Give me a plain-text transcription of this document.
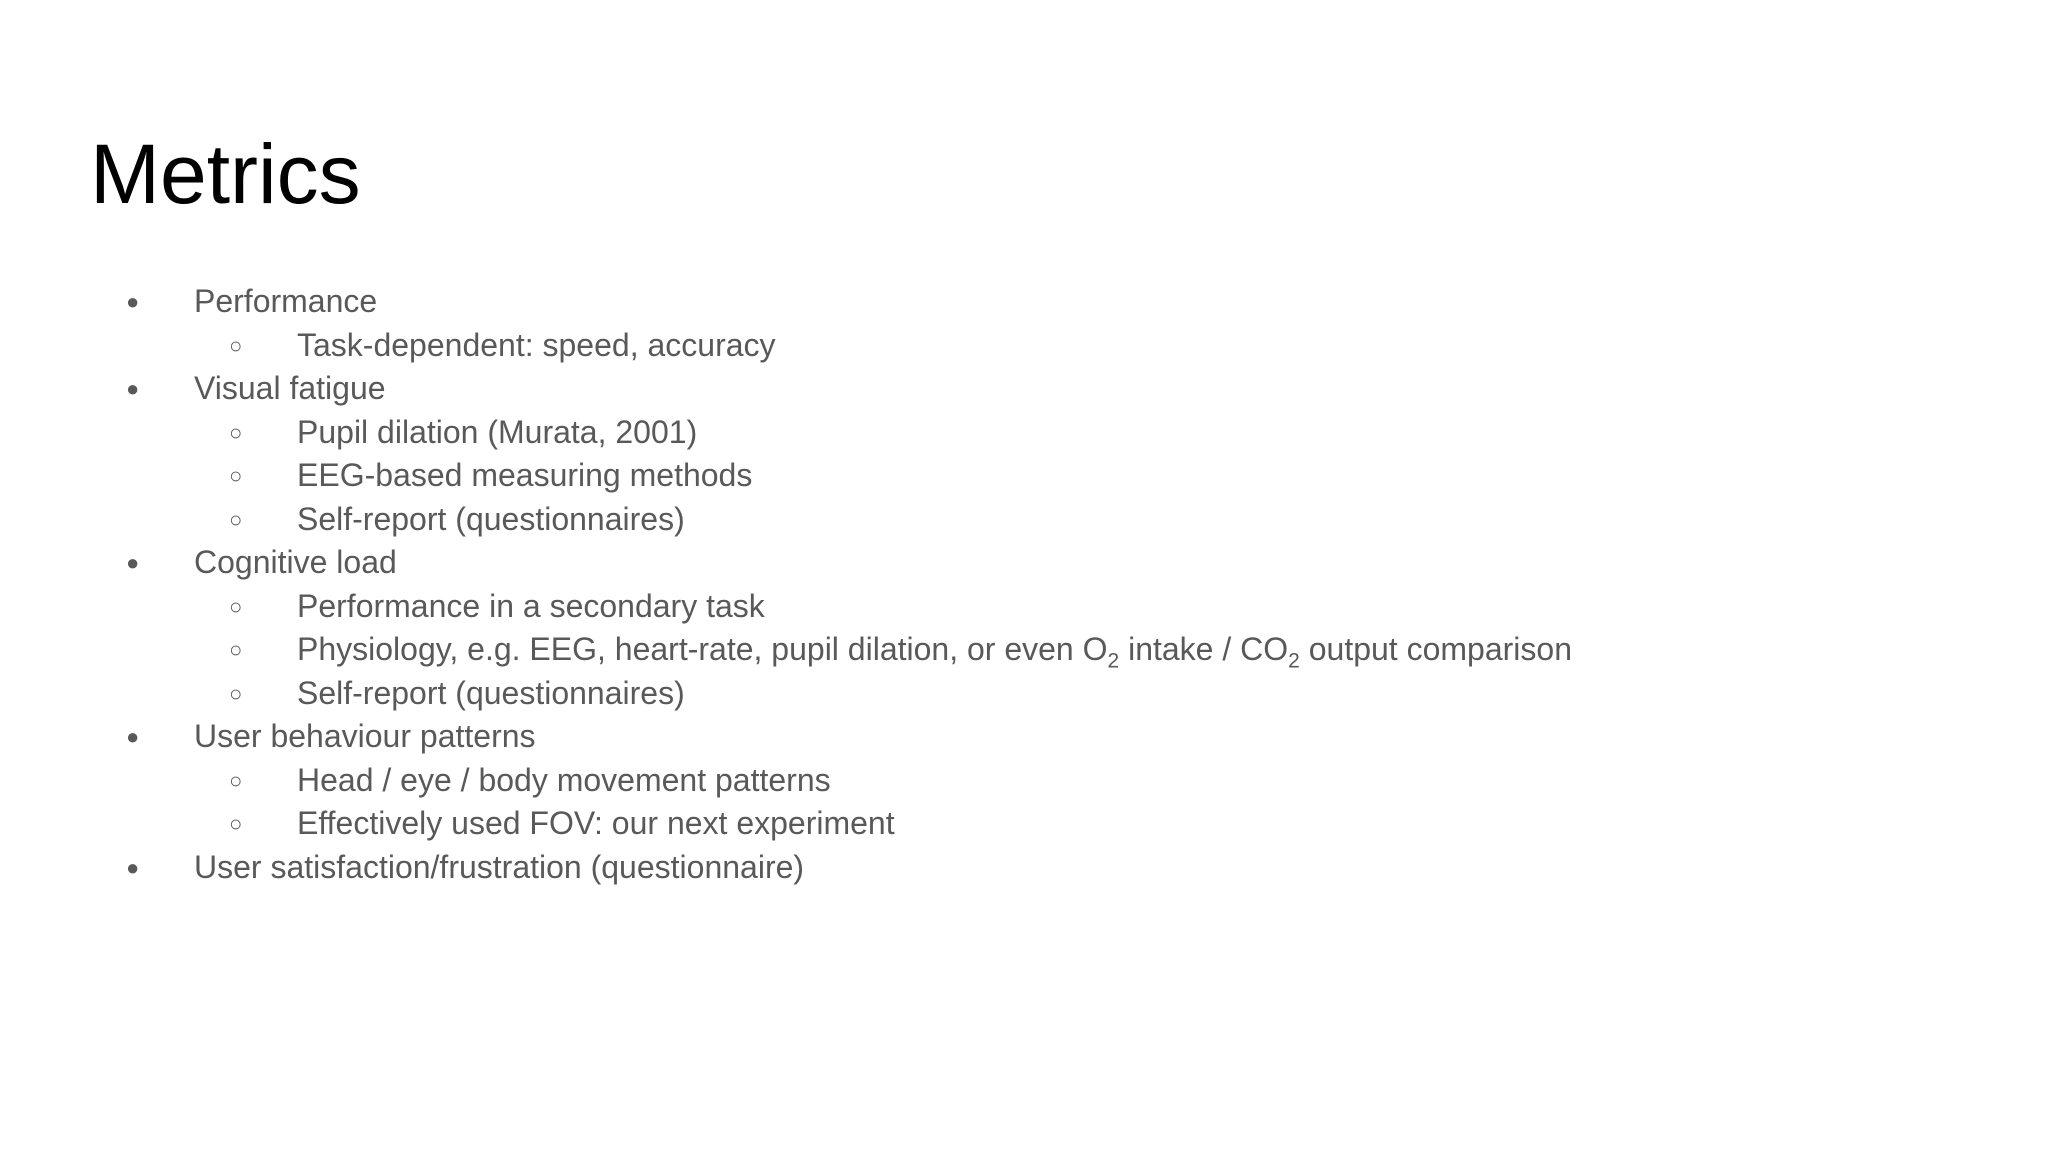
Metrics
● Performance
○ Task-dependent: speed, accuracy
● Visual fatigue
○ Pupil dilation (Murata, 2001)
○ EEG-based measuring methods
○ Self-report (questionnaires)
● Cognitive load
○ Performance in a secondary task
○ Physiology, e.g. EEG, heart-rate, pupil dilation, or even $O_2$ intake / $CO_2$ output comparison
○ Self-report (questionnaires)
● User behaviour patterns
○ Head / eye / body movement patterns
○ Effectively used FOV: our next experiment
● User satisfaction/frustration (questionnaire)
